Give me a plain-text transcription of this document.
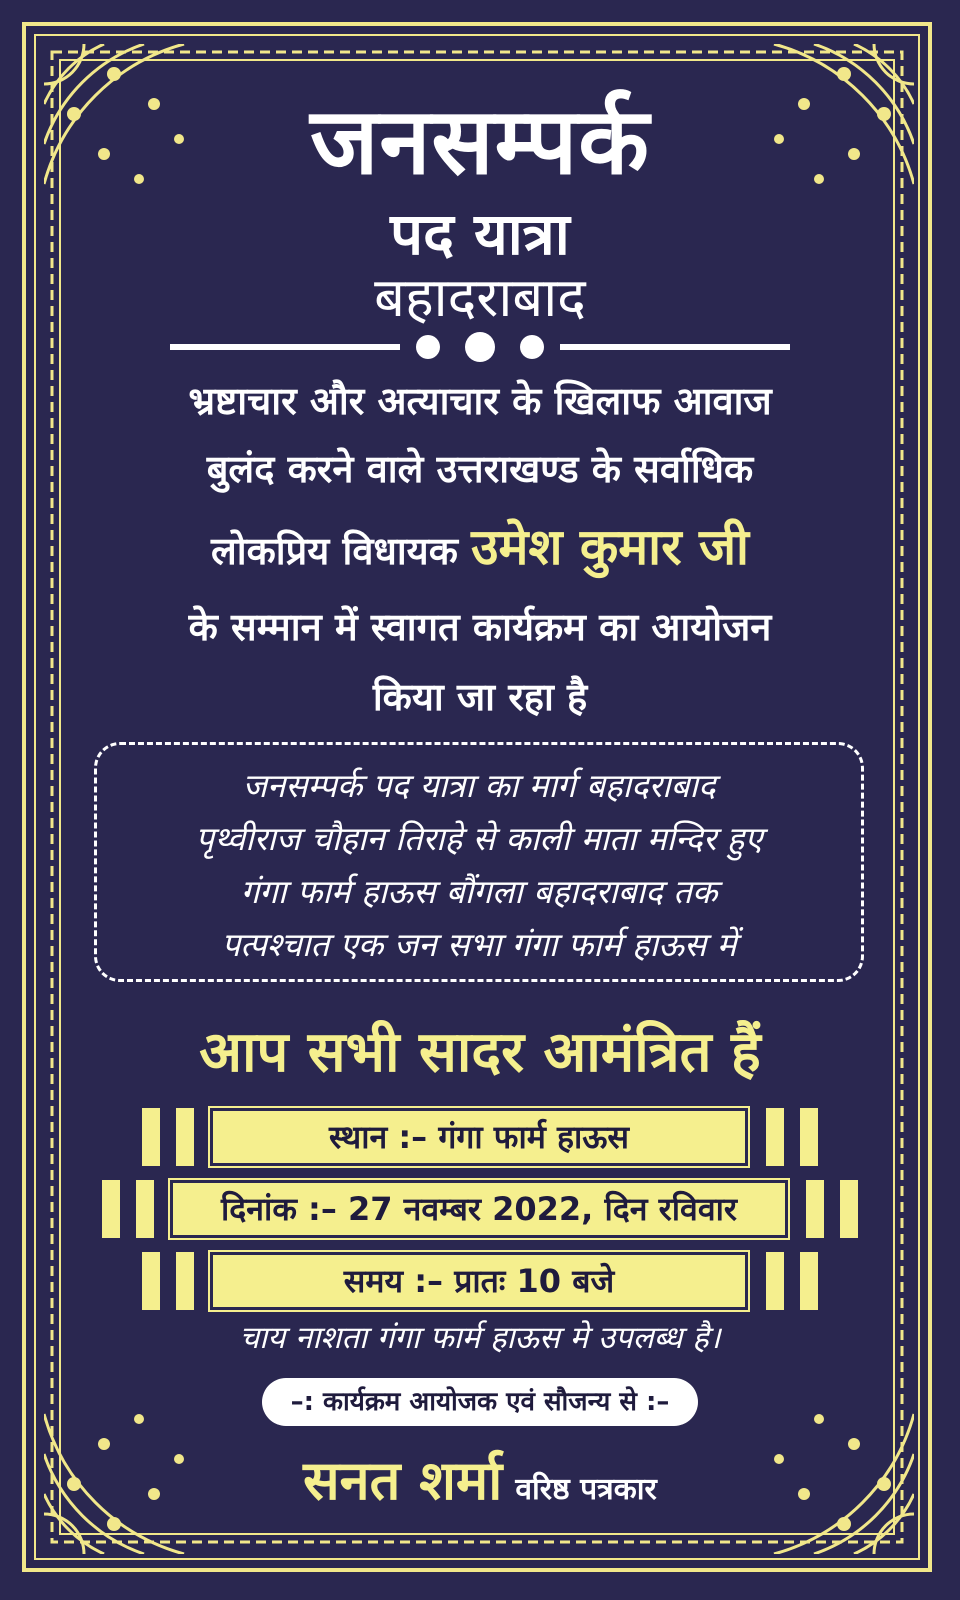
जनसम्पर्क
पद यात्रा
बहादराबाद
भ्रष्टाचार और अत्याचार के खिलाफ आवाज
बुलंद करने वाले उत्तराखण्ड के सर्वाधिक
लोकप्रिय विधायक उमेश कुमार जी
के सम्मान में स्वागत कार्यक्रम का आयोजन
किया जा रहा है
जनसम्पर्क पद यात्रा का मार्ग बहादराबाद
पृथ्वीराज चौहान तिराहे से काली माता मन्दिर हुए
गंगा फार्म हाऊस बौंगला बहादराबाद तक
पत्पश्चात एक जन सभा गंगा फार्म हाऊस में
आप सभी सादर आमंत्रित हैं
स्थान :– गंगा फार्म हाऊस
दिनांक :– 27 नवम्बर 2022, दिन रविवार
समय :– प्रातः 10 बजे
चाय नाशता गंगा फार्म हाऊस मे उपलब्ध है।
–: कार्यक्रम आयोजक एवं सौजन्य से :–
सनत शर्मा वरिष्ठ पत्रकार
